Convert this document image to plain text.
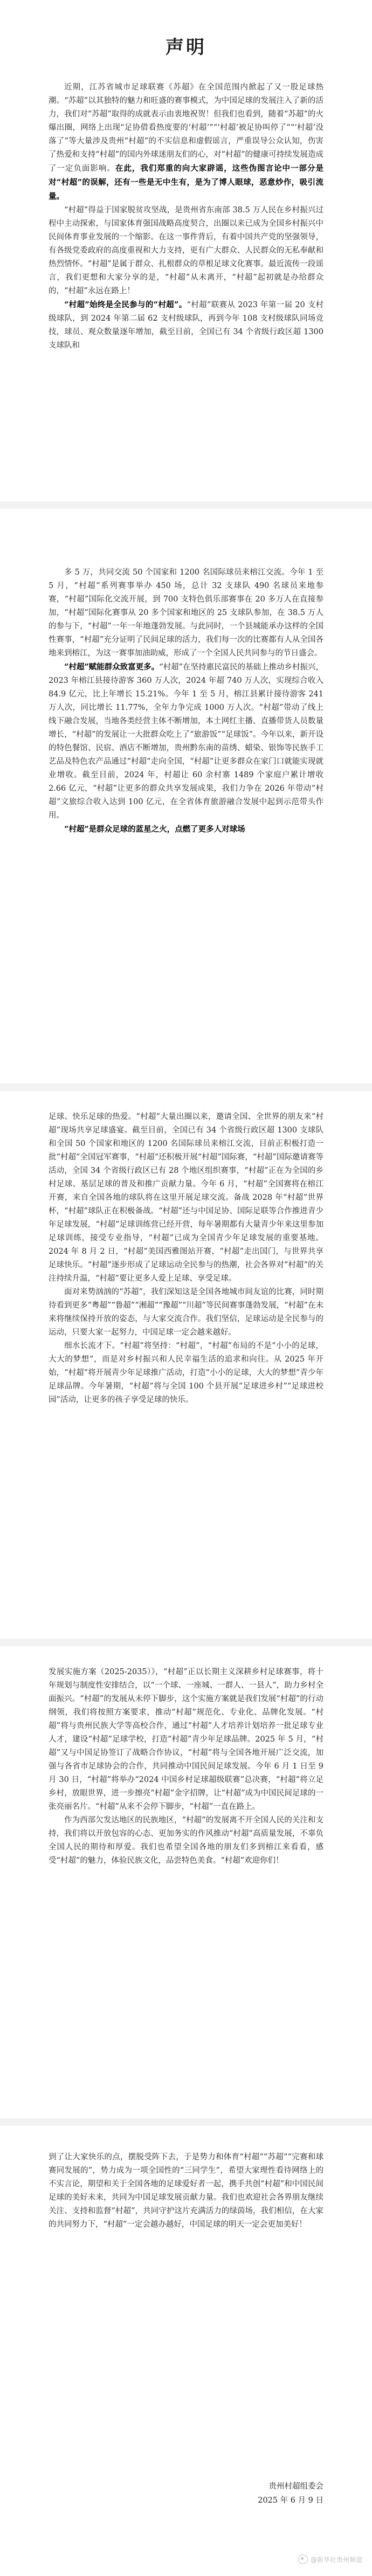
声明

近期，江苏省城市足球联赛《苏超》在全国范围内掀起了又一股足球热潮。“苏超”以其独特的魅力和旺盛的赛事模式，为中国足球的发展注入了新的活力，我们对“苏超”取得的成就表示由衷地祝贺！但我们也看到，随着“苏超”的火爆出圈，网络上出现“足协借看热度要的‘村超’”“‘村超’被足协叫停了”“‘村超’没落了”等大量涉及贵州“村超”的不实信息和虚假谣言，严重误导公众认知，伤害了热爱和支持“村超”的国内外球迷朋友们的心，对“村超”的健康可持续发展造成了一定负面影响。在此，我们郑重的向大家辟谣，这些伪图言论中一部分是对“村超”的误解，还有一些是无中生有，是为了博人眼球，恶意炒作，吸引流量。

“村超”得益于国家脱贫攻坚战，是贵州省东南部 38.5 万人民在乡村振兴过程中主动探索，与国家体育强国战略高度契合，出圈以来已成为全国乡村振兴中民间体育事业发展的一个缩影。在这一事件背后，有着中国共产党的坚强领导，有各级党委政府的高度重视和大力支持，更有广大群众、人民群众的无私奉献和热烈情怀。“村超”是属于群众、扎根群众的草根足球文化赛事。最近流传一段谣言，我们更想和大家分享的是，“村超”从未离开，“村超”起初就是办给群众的，“村超”永远在路上！

“村超”始终是全民参与的“村超”。“村超”联赛从 2023 年第一届 20 支村级球队，到 2024 年第二届 62 支村级球队，再到今年 108 支村级球队同场竞技，球员、观众数量逐年增加，截至目前，全国已有 34 个省级行政区超 1300 支球队和

多 5 万，共同交流 50 个国家和 1200 名国际球员来榕江交流。今年 1 至 5 月，“村超”系列赛事举办 450 场，总计 32 支球队 490 名球员来地参赛，“村超”国际化交流开展，到 700 支特色俱乐部赛事在 20 多万人在直接参加，“村超”国际化赛事从 20 多个国家和地区的 25 支球队参加，在 38.5 万人的参与下，“村超”一年一年地蓬勃发展。与此同时，一个县城能承办这样的全国性赛事，“村超”充分证明了民间足球的活力，我们每一次的比赛都有人从全国各地来到榕江，为这一赛事加油助威，形成了一个全国人民共同参与的节日盛会。

“村超”赋能群众致富更多。“村超”在坚持惠民富民的基础上推动乡村振兴，2023 年榕江县接待游客 360 万人次，2024 年超 740 万人次，实现综合收入 84.9 亿元，比上年增长 15.21%。今年 1 至 5 月，榕江县累计接待游客 241 万人次，同比增长 11.77%，全年力争完成 1000 万人次。“村超”带动了线上线下融合发展，当地各类经营主体不断增加，本土网红主播、直播带货人员数量增长，“村超”的发展让一大批群众吃上了“旅游饭”“足球饭”。今年以来，新开设的特色餐馆、民宿、酒店不断增加，贵州黔东南的苗绣、蜡染、银饰等民族手工艺品及特色农产品通过“村超”走向全国，“村超”让更多群众在家门口就能实现就业增收。截至目前，2024 年，村超让 60 余村寨 1489 个家庭户累计增收 2.66 亿元，“村超”让更多的群众共享发展成果，我们力争在 2026 年带动“村超”文旅综合收入达到 100 亿元，在全省体育旅游融合发展中起到示范带头作用。

“村超”是群众足球的蓝星之火，点燃了更多人对球场

足球、快乐足球的热爱。“村超”大量出圈以来，邀请全国、全世界的朋友来“村超”现场共享足球盛宴。截至目前，全国已有 34 个省级行政区超 1300 支球队和全国 50 个国家和地区的 1200 名国际球员来榕江交流，目前正积极打造一批“村超”全国冠军赛事，“村超”还积极开展“村超”国际赛，“村超”国际邀请赛等活动，全国 34 个省级行政区已有 28 个地区组织赛事，“村超”正在为全国的乡村足球、基层足球的普及和推广贡献力量。今年 6 月，“村超”全国赛将在榕江开赛，来自全国各地的球队将在这里开展足球交流。备战 2028 年“村超”世界杯，“村超”球队正在积极备战。“村超”还与中国足协、国际足联等合作推进青少年足球发展，“村超”足球训练营已经开营，每年暑期都有大量青少年来这里参加足球训练，接受专业指导，“村超”已成为全国青少年足球发展的重要基地。2024 年 8 月 2 日，“村超”美国西雅图站开赛，“村超”走出国门，与世界共享足球快乐。“村超”逐步形成了足球运动全民参与的热潮，社会各界对“村超”的关注持续升温，“村超”要让更多人爱上足球、享受足球。

面对来势汹汹的“苏超”，我们深知这是全国各地城市间友谊的比赛，同时期待看到更多“粤超”“鲁超”“湘超”“豫超”“川超”等民间赛事蓬勃发展，“村超”在未来将继续保持开放的姿态，与大家交流合作。我们坚信，足球运动是全民参与的运动，只要大家一起努力，中国足球一定会越来越好。

细水长流才下。“村超”将坚持：“村超”，“村超”布局的不是“小小的足球，大大的梦想”，而是对乡村振兴和人民幸福生活的追求和向往。从 2025 年开始，“村超”将开展青少年足球推广活动，打造“小小的足球，大大的梦想”青少年足球品牌。今年暑期，“村超”将与全国 100 个县开展“足球进乡村”“足球进校园”活动，让更多的孩子享受足球的快乐。

发展实施方案（2025-2035）》，“村超”正以长期主义深耕乡村足球赛事，将十年规划与制度性安排结合，以“一个球、一座城、一群人、一县人”，助力乡村全面振兴。“村超”的发展从未停下脚步，这个实施方案就是我们发展“村超”的行动纲领，我们将按照方案要求，推动“村超”规范化、专业化、品牌化发展。“村超”将与贵州民族大学等高校合作，通过“村超”人才培养计划培养一批足球专业人才，建设“村超”足球学校，打造“村超”青少年足球品牌。2025 年 5 月，“村超”又与中国足协签订了战略合作协议，“村超”将与全国各地开展广泛交流，加强与各省市足球协会的合作，共同推动中国民间足球发展。今年 6 月 1 日至 9 月 30 日，“村超”将举办“2024 中国乡村足球超级联赛”总决赛，“村超”将立足乡村，放眼世界，进一步擦亮“村超”金字招牌，让“村超”成为中国民间足球的一张亮丽名片。“村超”从来不会停下脚步，“村超”一直在路上。

作为西部欠发达地区的民族地区，“村超”的发展离不开全国人民的关注和支持，我们将以开放包容的心态、更加务实的作风推动“村超”高质量发展，不辜负全国人民的期待和厚爱。我们也希望全国各地的朋友们多到榕江来看看，感受“村超”的魅力，体验民族文化，品尝特色美食。“村超”欢迎你们！

到了让大家快乐的点，摆脱受阵下去，于是势力和体育“村超”“苏超”“完赛和球赛同发展的”，势力成为一项全国性的“三同学生”，希望大家理性看待网络上的不实言论，期望和关于全国各地的足球爱好者一起，携手共创“村超”和中国民间足球的美好未来，共同为中国足球发展贡献力量。我们也欢迎社会各界朋友继续关注、支持和监督“村超”，共同守护这片充满活力的绿茵场，我们相信，在大家的共同努力下，“村超”一定会越办越好，中国足球的明天一定会更加美好！

贵州村超组委会
2025 年 6 月 9 日
@新华社贵州频道
